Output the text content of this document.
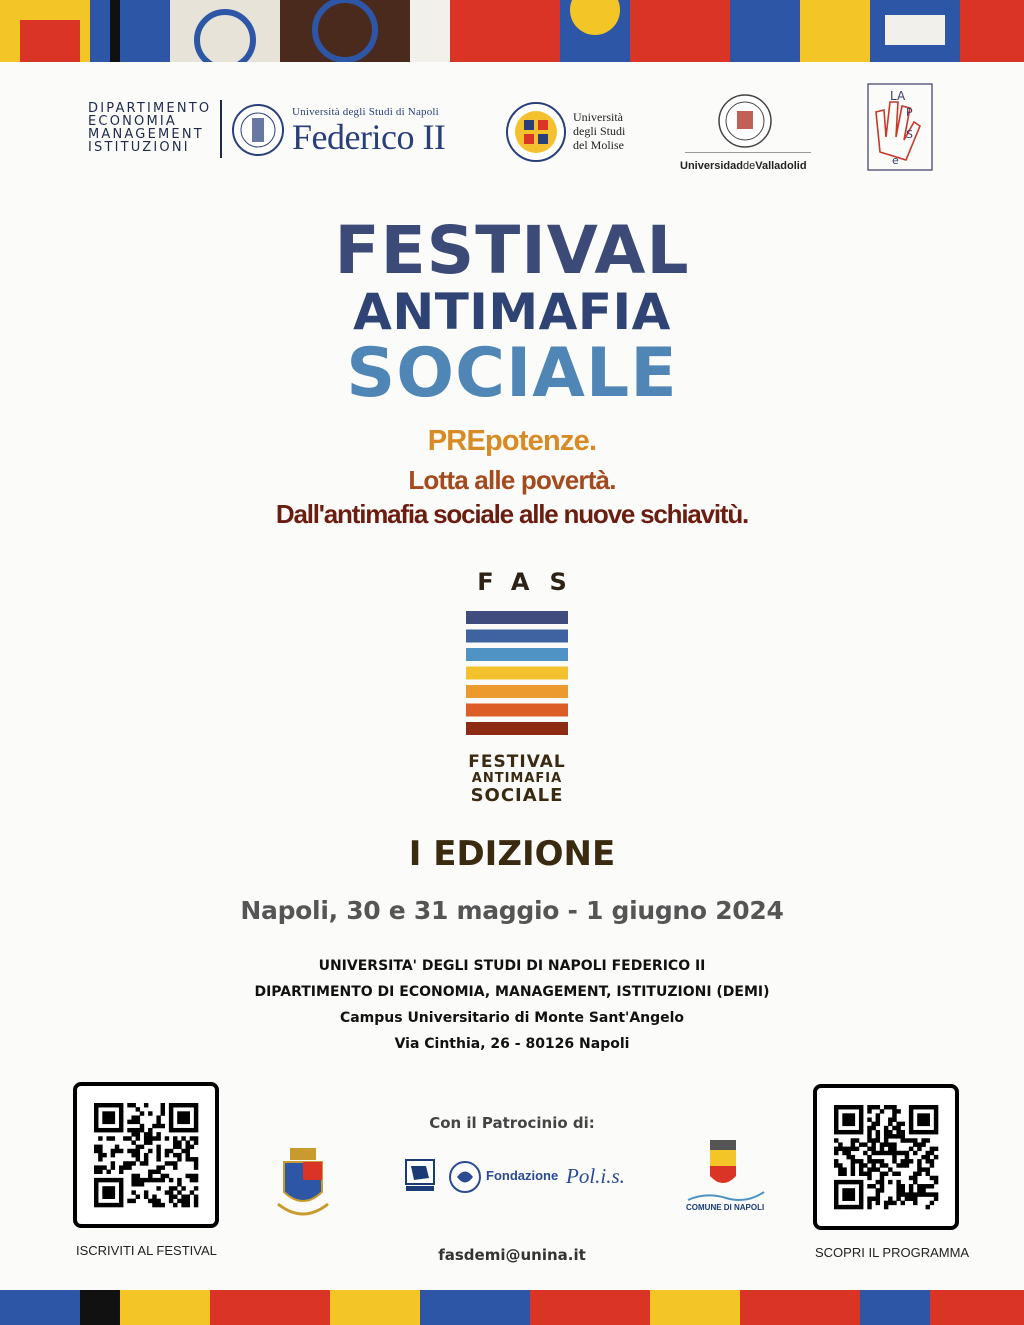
DIPARTIMENTO
ECONOMIA
MANAGEMENT
ISTITUZIONI
Università degli Studi di Napoli
Federico II	Università
degli Studi
del Molise
UniversidaddeValladolid
LA
P
S
e
FESTIVAL
ANTIMAFIA
SOCIALE
PREpotenze.
Lotta alle povertà.
Dall'antimafia sociale alle nuove schiavitù.
FAS
FESTIVAL
ANTIMAFIA
SOCIALE
I EDIZIONE
Napoli, 30 e 31 maggio - 1 giugno 2024
UNIVERSITA' DEGLI STUDI DI NAPOLI FEDERICO II
DIPARTIMENTO DI ECONOMIA, MANAGEMENT, ISTITUZIONI (DEMI)
Campus Universitario di Monte Sant'Angelo
Via Cinthia, 26 - 80126 Napoli
ISCRIVITI AL FESTIVAL	SCOPRI IL PROGRAMMA
Con il Patrocinio di:
Fondazione Pol.i.s.
COMUNE DI NAPOLI
fasdemi@unina.it
